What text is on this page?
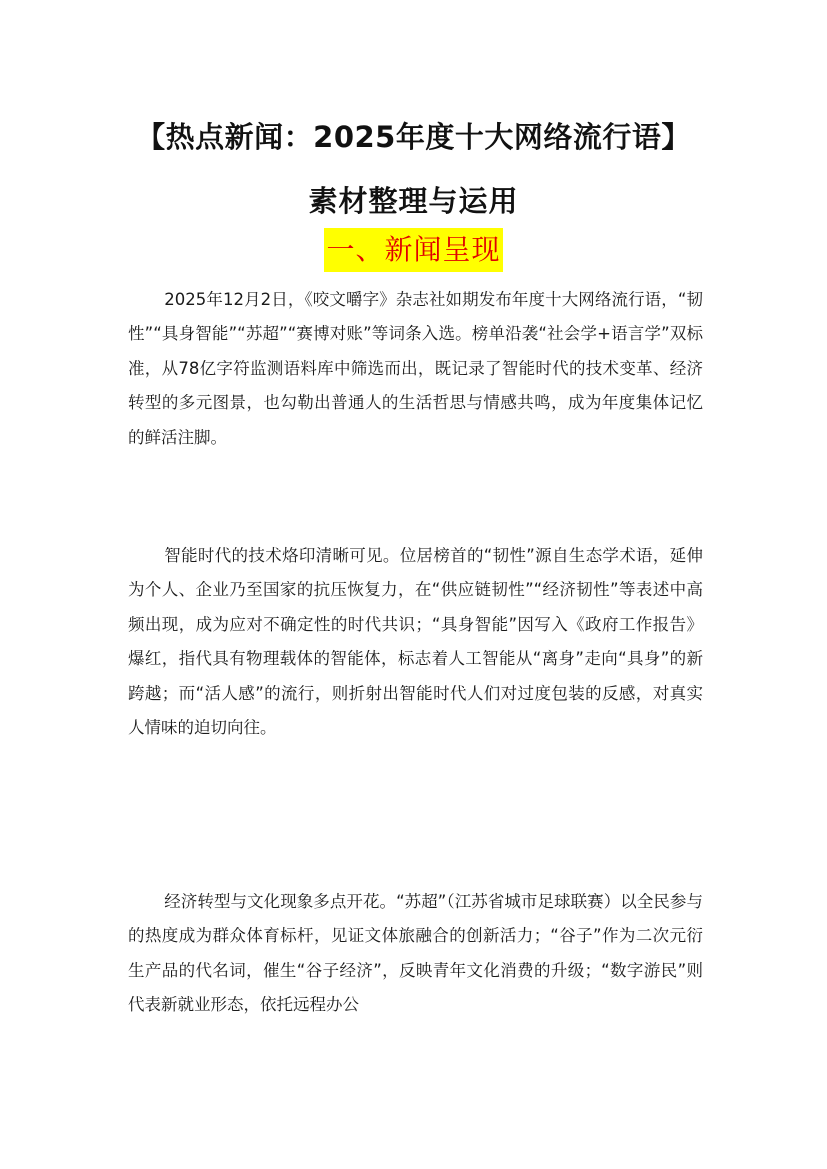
【热点新闻：2025年度十大网络流行语】
素材整理与运用
一、新闻呈现

2025年12月2日，《咬文嚼字》杂志社如期发布年度十大网络流行语，“韧性”“具身智能”“苏超”“赛博对账”等词条入选。榜单沿袭“社会学+语言学”双标准，从78亿字符监测语料库中筛选而出，既记录了智能时代的技术变革、经济转型的多元图景，也勾勒出普通人的生活哲思与情感共鸣，成为年度集体记忆的鲜活注脚。

智能时代的技术烙印清晰可见。位居榜首的“韧性”源自生态学术语，延伸为个人、企业乃至国家的抗压恢复力，在“供应链韧性”“经济韧性”等表述中高频出现，成为应对不确定性的时代共识；“具身智能”因写入《政府工作报告》爆红，指代具有物理载体的智能体，标志着人工智能从“离身”走向“具身”的新跨越；而“活人感”的流行，则折射出智能时代人们对过度包装的反感，对真实人情味的迫切向往。

经济转型与文化现象多点开花。“苏超”（江苏省城市足球联赛）以全民参与的热度成为群众体育标杆，见证文体旅融合的创新活力；“谷子”作为二次元衍生产品的代名词，催生“谷子经济”，反映青年文化消费的升级；“数字游民”则代表新就业形态，依托远程办公
